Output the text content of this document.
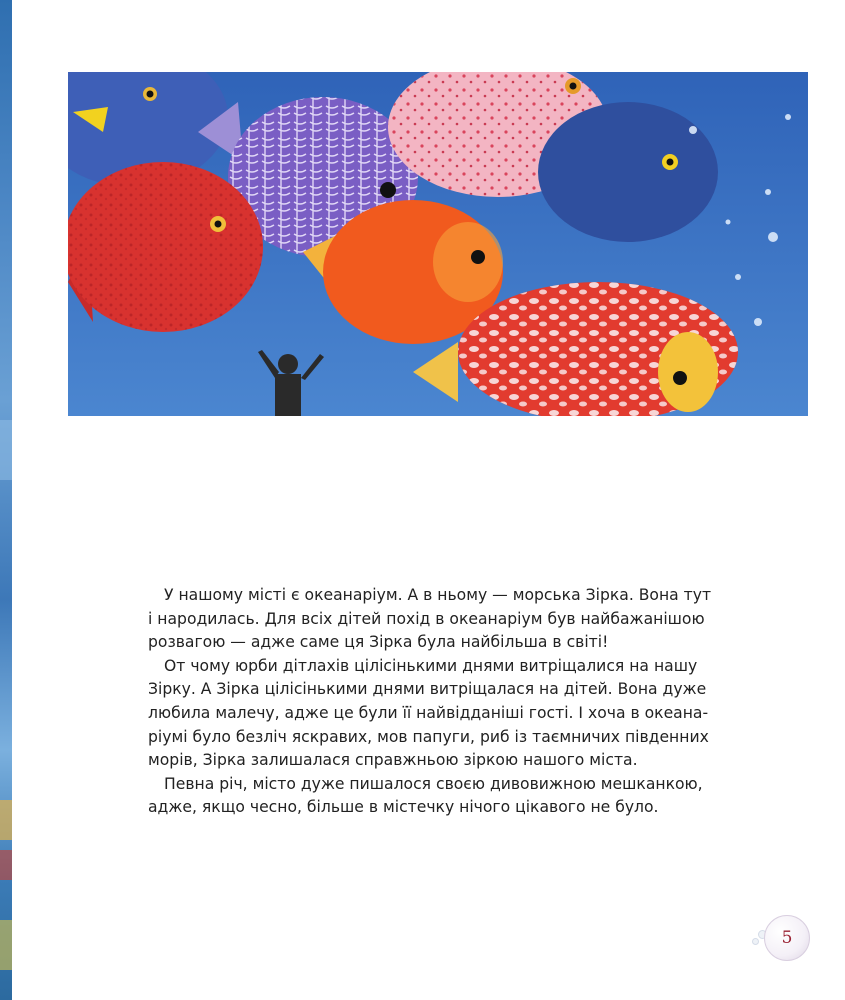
У нашому місті є океанаріум. А в ньому — морська Зірка. Вона тут
і народилась. Для всіх дітей похід в океанаріум був найбажанішою
розвагою — адже саме ця Зірка була найбільша в світі!

От чому юрби дітлахів цілісінькими днями витріщалися на нашу
Зірку. А Зірка цілісінькими днями витріщалася на дітей. Вона дуже
любила малечу, адже це були її найвідданіші гості. І хоча в океана-
ріумі було безліч яскравих, мов папуги, риб із таємничих південних
морів, Зірка залишалася справжньою зіркою нашого міста.

Певна річ, місто дуже пишалося своєю дивовижною мешканкою,
адже, якщо чесно, більше в містечку нічого цікавого не було.

5
